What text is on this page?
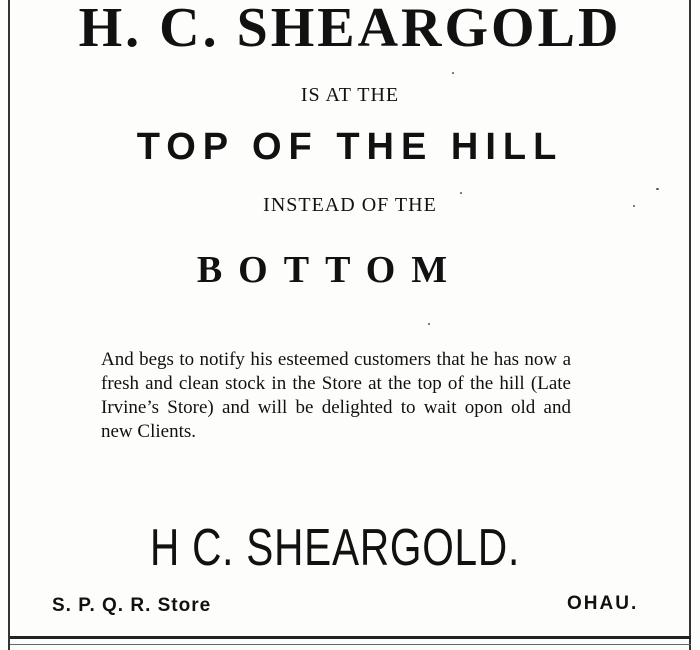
H. C. SHEARGOLD
IS AT THE
TOP OF THE HILL
INSTEAD OF THE
BOTTOM

And begs to notify his esteemed customers that he has now a fresh and clean stock in the Store at the top of the hill (Late Irvine’s Store) and will be delighted to wait opon old and new Clients.

H C. SHEARGOLD.
S. P. Q. R. Store	OHAU.
